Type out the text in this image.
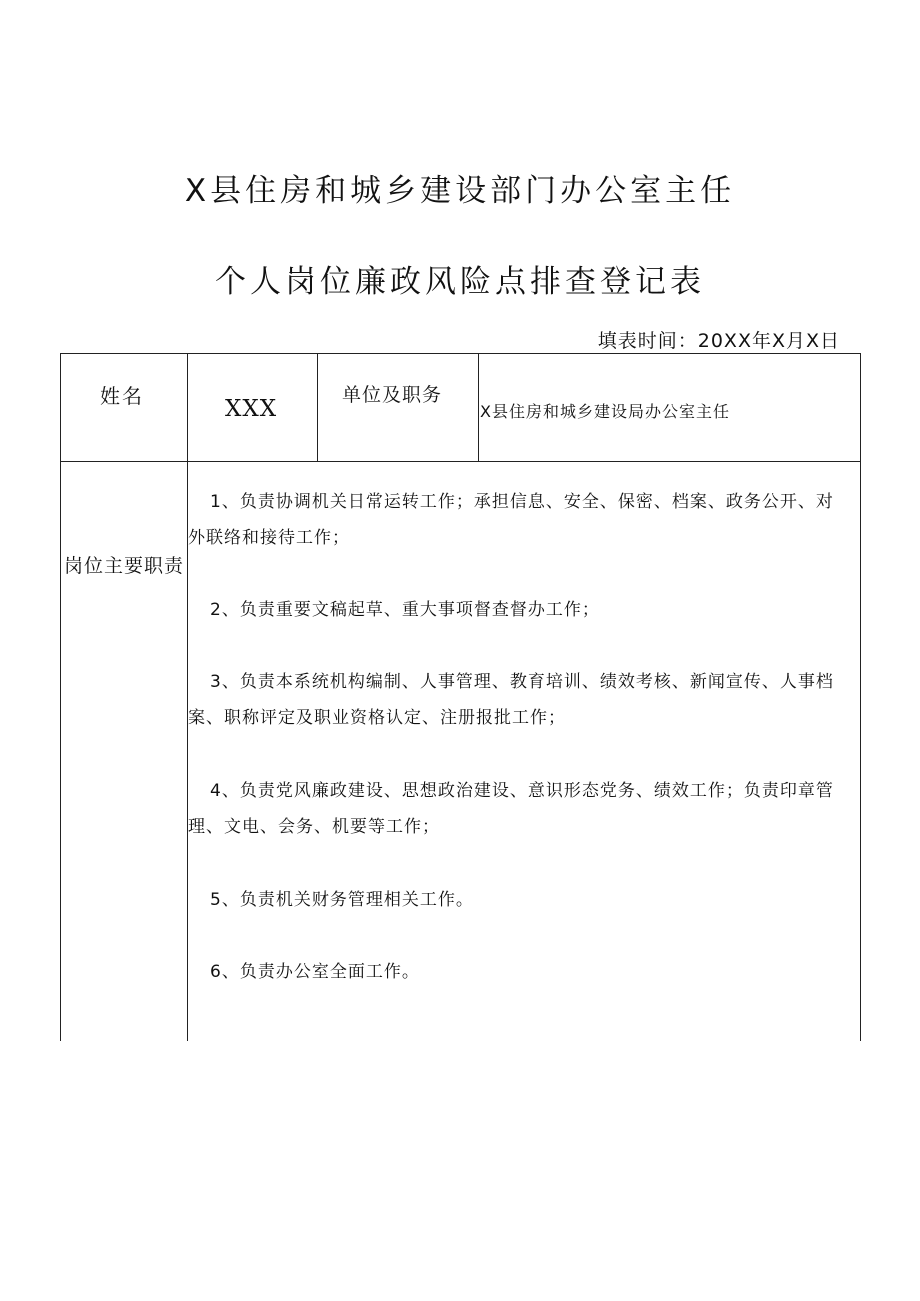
X县住房和城乡建设部门办公室主任
个人岗位廉政风险点排查登记表
填表时间：20XX年X月X日
姓名	XXX
单位及职务
X县住房和城乡建设局办公室主任
岗位主要职责
1、负责协调机关日常运转工作；承担信息、安全、保密、档案、政务公开、对外联络和接待工作；
2、负责重要文稿起草、重大事项督查督办工作；
3、负责本系统机构编制、人事管理、教育培训、绩效考核、新闻宣传、人事档案、职称评定及职业资格认定、注册报批工作；
4、负责党风廉政建设、思想政治建设、意识形态党务、绩效工作；负责印章管理、文电、会务、机要等工作；
5、负责机关财务管理相关工作。
6、负责办公室全面工作。
